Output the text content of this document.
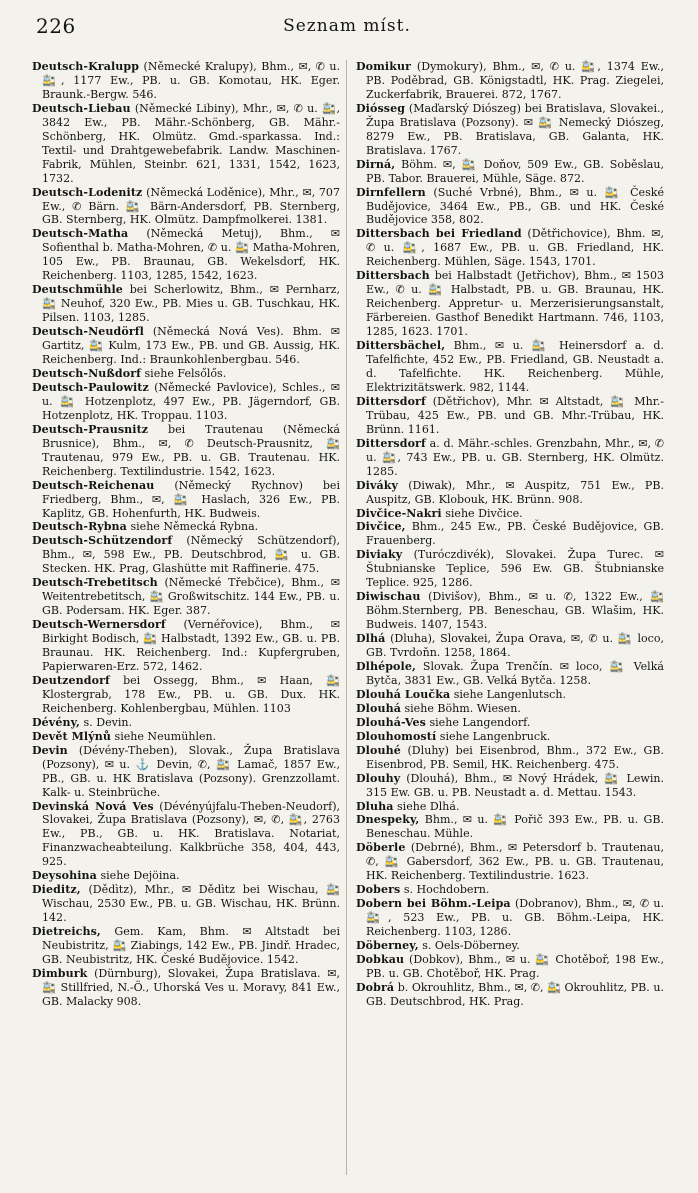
226	Seznam míst.

Deutsch-Kralupp (Německé Kralupy), Bhm., ✉, ✆ u. 🚉, 1177 Ew., PB. u. GB. Komotau, HK. Eger. Braunk.-Bergw. 546.

Deutsch-Liebau (Německé Libiny), Mhr., ✉, ✆ u. 🚉, 3842 Ew., PB. Mähr.-Schönberg, GB. Mähr.-Schönberg, HK. Olmütz. Gmd.-sparkassa. Ind.: Textil- und Drahtgewebefabrik. Landw. Maschinen-Fabrik, Mühlen, Steinbr. 621, 1331, 1542, 1623, 1732.

Deutsch-Lodenitz (Německá Loděnice), Mhr., ✉, 707 Ew., ✆ Bärn. 🚉 Bärn-Andersdorf, PB. Sternberg, GB. Sternberg, HK. Olmütz. Dampfmolkerei. 1381.

Deutsch-Matha (Německá Metuj), Bhm., ✉ Sofienthal b. Matha-Mohren, ✆ u. 🚉 Matha-Mohren, 105 Ew., PB. Braunau, GB. Wekelsdorf, HK. Reichenberg. 1103, 1285, 1542, 1623.

Deutschmühle bei Scherlowitz, Bhm., ✉ Pernharz, 🚉 Neuhof, 320 Ew., PB. Mies u. GB. Tuschkau, HK. Pilsen. 1103, 1285.

Deutsch-Neudörfl (Německá Nová Ves). Bhm. ✉ Gartitz, 🚉 Kulm, 173 Ew., PB. und GB. Aussig, HK. Reichenberg. Ind.: Braunkohlenbergbau. 546.

Deutsch-Nußdorf siehe Felsőlős.

Deutsch-Paulowitz (Německé Pavlovice), Schles., ✉ u. 🚉 Hotzenplotz, 497 Ew., PB. Jägerndorf, GB. Hotzenplotz, HK. Troppau. 1103.

Deutsch-Prausnitz bei Trautenau (Německá Brusnice), Bhm., ✉, ✆ Deutsch-Prausnitz, 🚉 Trautenau, 979 Ew., PB. u. GB. Trautenau. HK. Reichenberg. Textilindustrie. 1542, 1623.

Deutsch-Reichenau (Německý Rychnov) bei Friedberg, Bhm., ✉, 🚉 Haslach, 326 Ew., PB. Kaplitz, GB. Hohenfurth, HK. Budweis.

Deutsch-Rybna siehe Německá Rybna.

Deutsch-Schützendorf (Německý Schützendorf), Bhm., ✉, 598 Ew., PB. Deutschbrod, 🚉 u. GB. Stecken. HK. Prag, Glashütte mit Raffinerie. 475.

Deutsch-Trebetitsch (Německé Třebčice), Bhm., ✉ Weitentrebetitsch, 🚉 Großwitschitz. 144 Ew., PB. u. GB. Podersam. HK. Eger. 387.

Deutsch-Wernersdorf (Vernéřovice), Bhm., ✉ Birkight Bodisch, 🚉 Halbstadt, 1392 Ew., GB. u. PB. Braunau. HK. Reichenberg. Ind.: Kupfergruben, Papierwaren-Erz. 572, 1462.

Deutzendorf bei Ossegg, Bhm., ✉ Haan, 🚉 Klostergrab, 178 Ew., PB. u. GB. Dux. HK. Reichenberg. Kohlenbergbau, Mühlen. 1103

Dévény, s. Devin.

Devět Mlýnů siehe Neumühlen.

Devin (Dévény-Theben), Slovak., Župa Bratislava (Pozsony), ✉ u. ⚓ Devin, ✆, 🚉 Lamač, 1857 Ew., PB., GB. u. HK Bratislava (Pozsony). Grenzzollamt. Kalk- u. Steinbrüche.

Devinská Nová Ves (Dévényújfalu-Theben-Neudorf), Slovakei, Župa Bratislava (Pozsony), ✉, ✆, 🚉, 2763 Ew., PB., GB. u. HK. Bratislava. Notariat, Finanzwacheabteilung. Kalkbrüche 358, 404, 443, 925.

Deysohina siehe Dejöina.

Dieditz, (Dědìtz), Mhr., ✉ Dědìtz bei Wischau, 🚉 Wischau, 2530 Ew., PB. u. GB. Wischau, HK. Brünn. 142.

Dietreichs, Gem. Kam, Bhm. ✉ Altstadt bei Neubistritz, 🚉 Ziabings, 142 Ew., PB. Jindř. Hradec, GB. Neubistritz, HK. České Budějovice. 1542.

Dimburk (Dürnburg), Slovakei, Župa Bratislava. ✉, 🚉 Stillfried, N.-Ö., Uhorská Ves u. Moravy, 841 Ew., GB. Malacky 908.

Domikur (Dymokury), Bhm., ✉, ✆ u. 🚉, 1374 Ew., PB. Poděbrad, GB. Königstadtl, HK. Prag. Ziegelei, Zuckerfabrik, Brauerei. 872, 1767.

Diósseg (Maďarský Diószeg) bei Bratislava, Slovakei., Župa Bratislava (Pozsony). ✉ 🚉 Nemecký Diószeg, 8279 Ew., PB. Bratislava, GB. Galanta, HK. Bratislava. 1767.

Dirná, Böhm. ✉, 🚉 Doňov, 509 Ew., GB. Soběslau, PB. Tabor. Brauerei, Mühle, Säge. 872.

Dirnfellern (Suché Vrbné), Bhm., ✉ u. 🚉 České Budějovice, 3464 Ew., PB., GB. und HK. České Budějovice 358, 802.

Dittersbach bei Friedland (Dětřichovice), Bhm. ✉, ✆ u. 🚉, 1687 Ew., PB. u. GB. Friedland, HK. Reichenberg. Mühlen, Säge. 1543, 1701.

Dittersbach bei Halbstadt (Jetřichov), Bhm., ✉ 1503 Ew., ✆ u. 🚉 Halbstadt, PB. u. GB. Braunau, HK. Reichenberg. Appretur- u. Merzerisierungsanstalt, Färbereien. Gasthof Benedikt Hartmann. 746, 1103, 1285, 1623. 1701.

Dittersbächel, Bhm., ✉ u. 🚉 Heinersdorf a. d. Tafelfichte, 452 Ew., PB. Friedland, GB. Neustadt a. d. Tafelfichte. HK. Reichenberg. Mühle, Elektrizitätswerk. 982, 1144.

Dittersdorf (Dětřichov), Mhr. ✉ Altstadt, 🚉 Mhr.-Trübau, 425 Ew., PB. und GB. Mhr.-Trübau, HK. Brünn. 1161.

Dittersdorf a. d. Mähr.-schles. Grenzbahn, Mhr., ✉, ✆ u. 🚉, 743 Ew., PB. u. GB. Sternberg, HK. Olmütz. 1285.

Diváky (Diwak), Mhr., ✉ Auspitz, 751 Ew., PB. Auspitz, GB. Klobouk, HK. Brünn. 908.

Divčice-Nakri siehe Divčice.

Divčice, Bhm., 245 Ew., PB. České Budějovice, GB. Frauenberg.

Diviaky (Turóczdivék), Slovakei. Župa Turec. ✉ Štubnianske Teplice, 596 Ew. GB. Štubnianske Teplice. 925, 1286.

Diwischau (Divišov), Bhm., ✉ u. ✆, 1322 Ew., 🚉 Böhm.Sternberg, PB. Beneschau, GB. Wlašim, HK. Budweis. 1407, 1543.

Dlhá (Dluha), Slovakei, Župa Orava, ✉, ✆ u. 🚉 loco, GB. Tvrdoňn. 1258, 1864.

Dlhépole, Slovak. Župa Trenčín. ✉ loco, 🚉 Velká Bytča, 3831 Ew., GB. Velká Bytča. 1258.

Dlouhá Loučka siehe Langenlutsch.

Dlouhá siehe Böhm. Wiesen.

Dlouhá-Ves siehe Langendorf.

Dlouhomostí siehe Langenbruck.

Dlouhé (Dluhy) bei Eisenbrod, Bhm., 372 Ew., GB. Eisenbrod, PB. Semil, HK. Reichenberg. 475.

Dlouhy (Dlouhá), Bhm., ✉ Nový Hrádek, 🚉 Lewin. 315 Ew. GB. u. PB. Neustadt a. d. Mettau. 1543.

Dluha siehe Dlhá.

Dnespeky, Bhm., ✉ u. 🚉 Pořič 393 Ew., PB. u. GB. Beneschau. Mühle.

Döberle (Debrné), Bhm., ✉ Petersdorf b. Trautenau, ✆, 🚉 Gabersdorf, 362 Ew., PB. u. GB. Trautenau, HK. Reichenberg. Textilindustrie. 1623.

Dobers s. Hochdobern.

Dobern bei Böhm.-Leipa (Dobranov), Bhm., ✉, ✆ u. 🚉, 523 Ew., PB. u. GB. Böhm.-Leipa, HK. Reichenberg. 1103, 1286.

Döberney, s. Oels-Döberney.

Dobkau (Dobkov), Bhm., ✉ u. 🚉 Chotěboř, 198 Ew., PB. u. GB. Chotěboř, HK. Prag.

Dobrá b. Okrouhlitz, Bhm., ✉, ✆, 🚉 Okrouhlitz, PB. u. GB. Deutschbrod, HK. Prag.
